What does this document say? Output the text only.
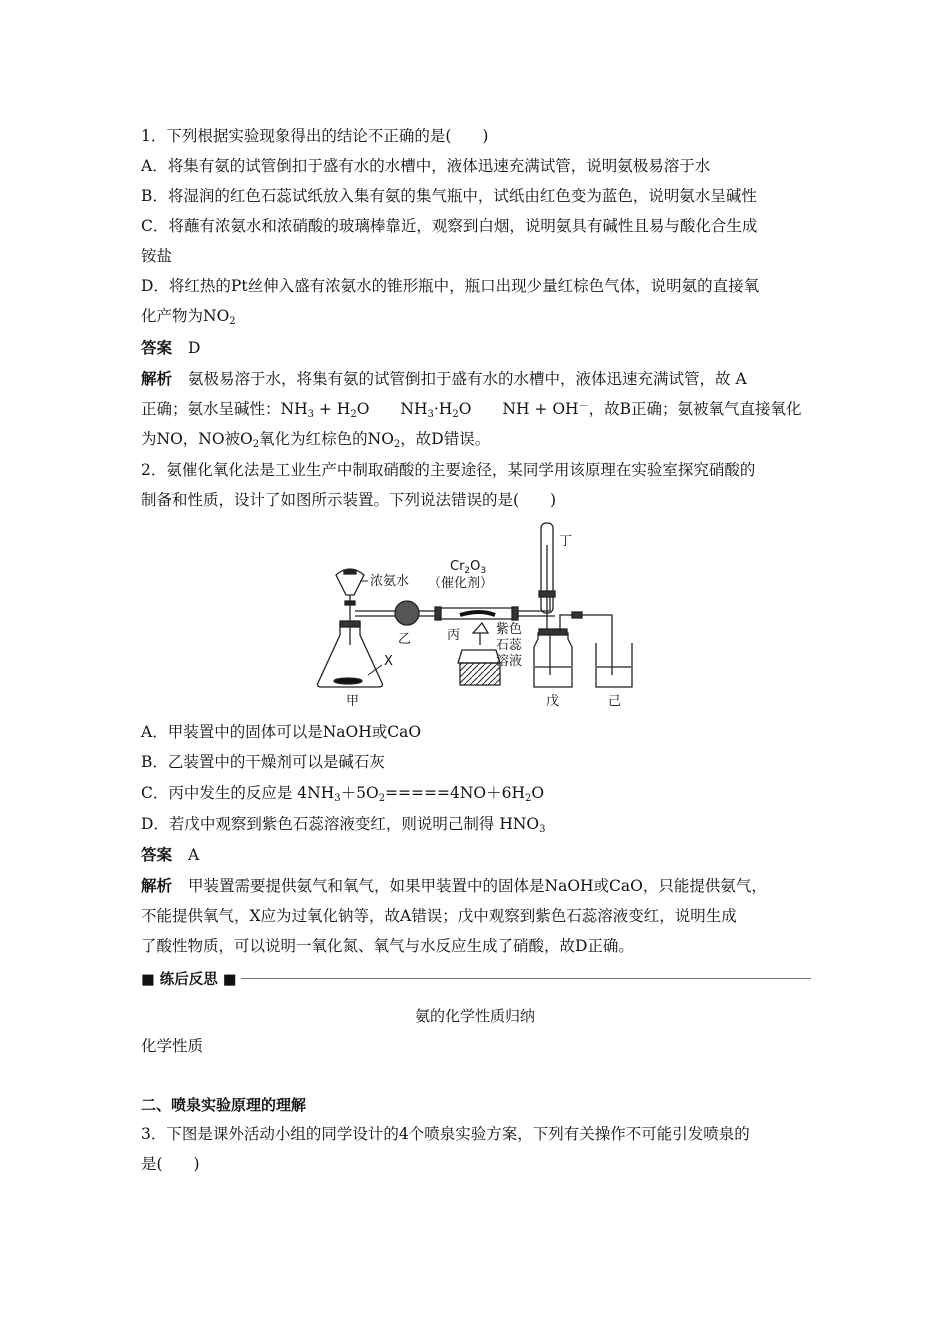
1．下列根据实验现象得出的结论不正确的是(　　)
A．将集有氨的试管倒扣于盛有水的水槽中，液体迅速充满试管，说明氨极易溶于水
B．将湿润的红色石蕊试纸放入集有氨的集气瓶中，试纸由红色变为蓝色，说明氨水呈碱性
C．将蘸有浓氨水和浓硝酸的玻璃棒靠近，观察到白烟，说明氨具有碱性且易与酸化合生成
铵盐
D．将红热的Pt丝伸入盛有浓氨水的锥形瓶中，瓶口出现少量红棕色气体，说明氨的直接氧
化产物为$NO_2$
答案 D
解析 氨极易溶于水，将集有氨的试管倒扣于盛有水的水槽中，液体迅速充满试管，故 A
正确；氨水呈碱性：$NH_3 + H_2O$　　$NH_3\cdot H_2O$　　NH + OH－，故B正确；氨被氧气直接氧化
为NO，NO被$O_2$氧化为红棕色的$NO_2$，故D错误。
2．氨催化氧化法是工业生产中制取硝酸的主要途径，某同学用该原理在实验室探究硝酸的
制备和性质，设计了如图所示装置。下列说法错误的是(　　)
浓氨水
$Cr_2O_3$
（催化剂）
甲
乙	丙
丁
戊	己
X
紫色
石蕊
溶液
A．甲装置中的固体可以是NaOH或CaO
B．乙装置中的干燥剂可以是碱石灰
C．丙中发生的反应是 $4NH_3+5O_2=====4NO+6H_2O$
D．若戊中观察到紫色石蕊溶液变红，则说明己制得 $HNO_3$
答案 A
解析 甲装置需要提供氨气和氧气，如果甲装置中的固体是NaOH或CaO，只能提供氨气，
不能提供氧气，X应为过氧化钠等，故A错误；戊中观察到紫色石蕊溶液变红，说明生成
了酸性物质，可以说明一氧化氮、氧气与水反应生成了硝酸，故D正确。
■ 练后反思 ■
氨的化学性质归纳
化学性质
二、喷泉实验原理的理解
3．下图是课外活动小组的同学设计的4个喷泉实验方案，下列有关操作不可能引发喷泉的
是(　　)
